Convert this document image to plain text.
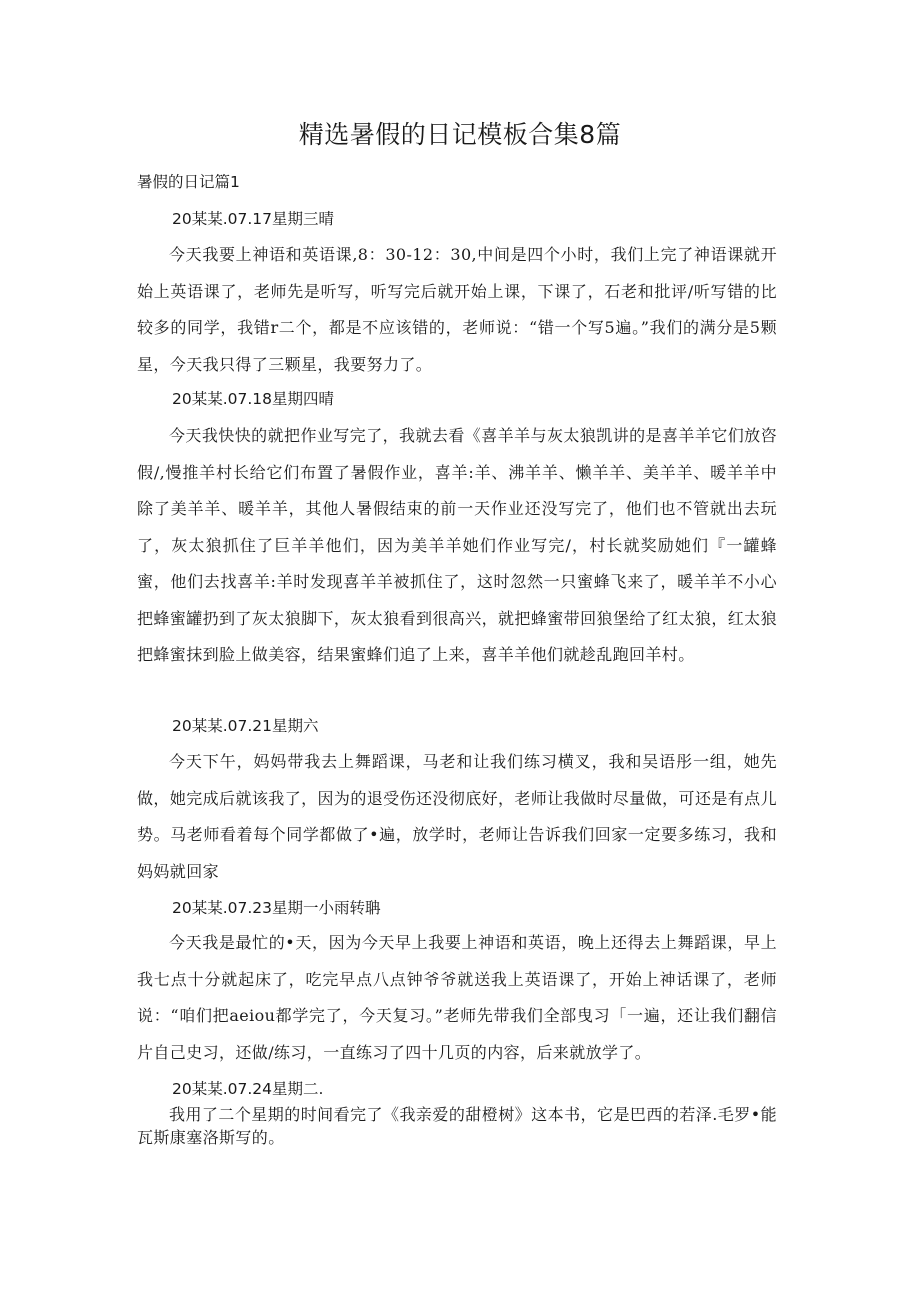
精选暑假的日记模板合集8篇
暑假的日记篇1
20某某.07.17星期三晴

今天我要上神语和英语课,8：30-12：30,中间是四个小时，我们上完了神语课就开始上英语课了，老师先是听写，听写完后就开始上课，下课了，石老和批评/听写错的比较多的同学，我错r二个，都是不应该错的，老师说：“错一个写5遍。”我们的满分是5颗星，今天我只得了三颗星，我要努力了。

20某某.07.18星期四晴

今天我快快的就把作业写完了，我就去看《喜羊羊与灰太狼凯讲的是喜羊羊它们放咨假/,慢推羊村长给它们布置了暑假作业，喜羊:羊、沸羊羊、懒羊羊、美羊羊、暖羊羊中除了美羊羊、暖羊羊，其他人暑假结束的前一天作业还没写完了，他们也不管就出去玩了，灰太狼抓住了巨羊羊他们，因为美羊羊她们作业写完/，村长就奖励她们『一罐蜂蜜，他们去找喜羊:羊时发现喜羊羊被抓住了，这时忽然一只蜜蜂飞来了，暖羊羊不小心把蜂蜜罐扔到了灰太狼脚下，灰太狼看到很高兴，就把蜂蜜带回狼堡给了红太狼，红太狼把蜂蜜抹到脸上做美容，结果蜜蜂们追了上来，喜羊羊他们就趁乱跑回羊村。

20某某.07.21星期六

今天下午，妈妈带我去上舞蹈课，马老和让我们练习横叉，我和吴语彤一组，她先做，她完成后就该我了，因为的退受伤还没彻底好，老师让我做时尽量做，可还是有点儿势。马老师看着每个同学都做了•遍，放学时，老师让告诉我们回家一定要多练习，我和妈妈就回家

20某某.07.23星期一小雨转聃

今天我是最忙的•天，因为今天早上我要上神语和英语，晚上还得去上舞蹈课，早上我七点十分就起床了，吃完早点八点钟爷爷就送我上英语课了，开始上神话课了，老师说：“咱们把aeiou都学完了，今天复习。”老师先带我们全部曳习「一遍，还让我们翻信片自己史习，还做/练习，一直练习了四十几页的内容，后来就放学了。

20某某.07.24星期二.

我用了二个星期的时间看完了《我亲爱的甜橙树》这本书，它是巴西的若泽.毛罗•能瓦斯康塞洛斯写的。
